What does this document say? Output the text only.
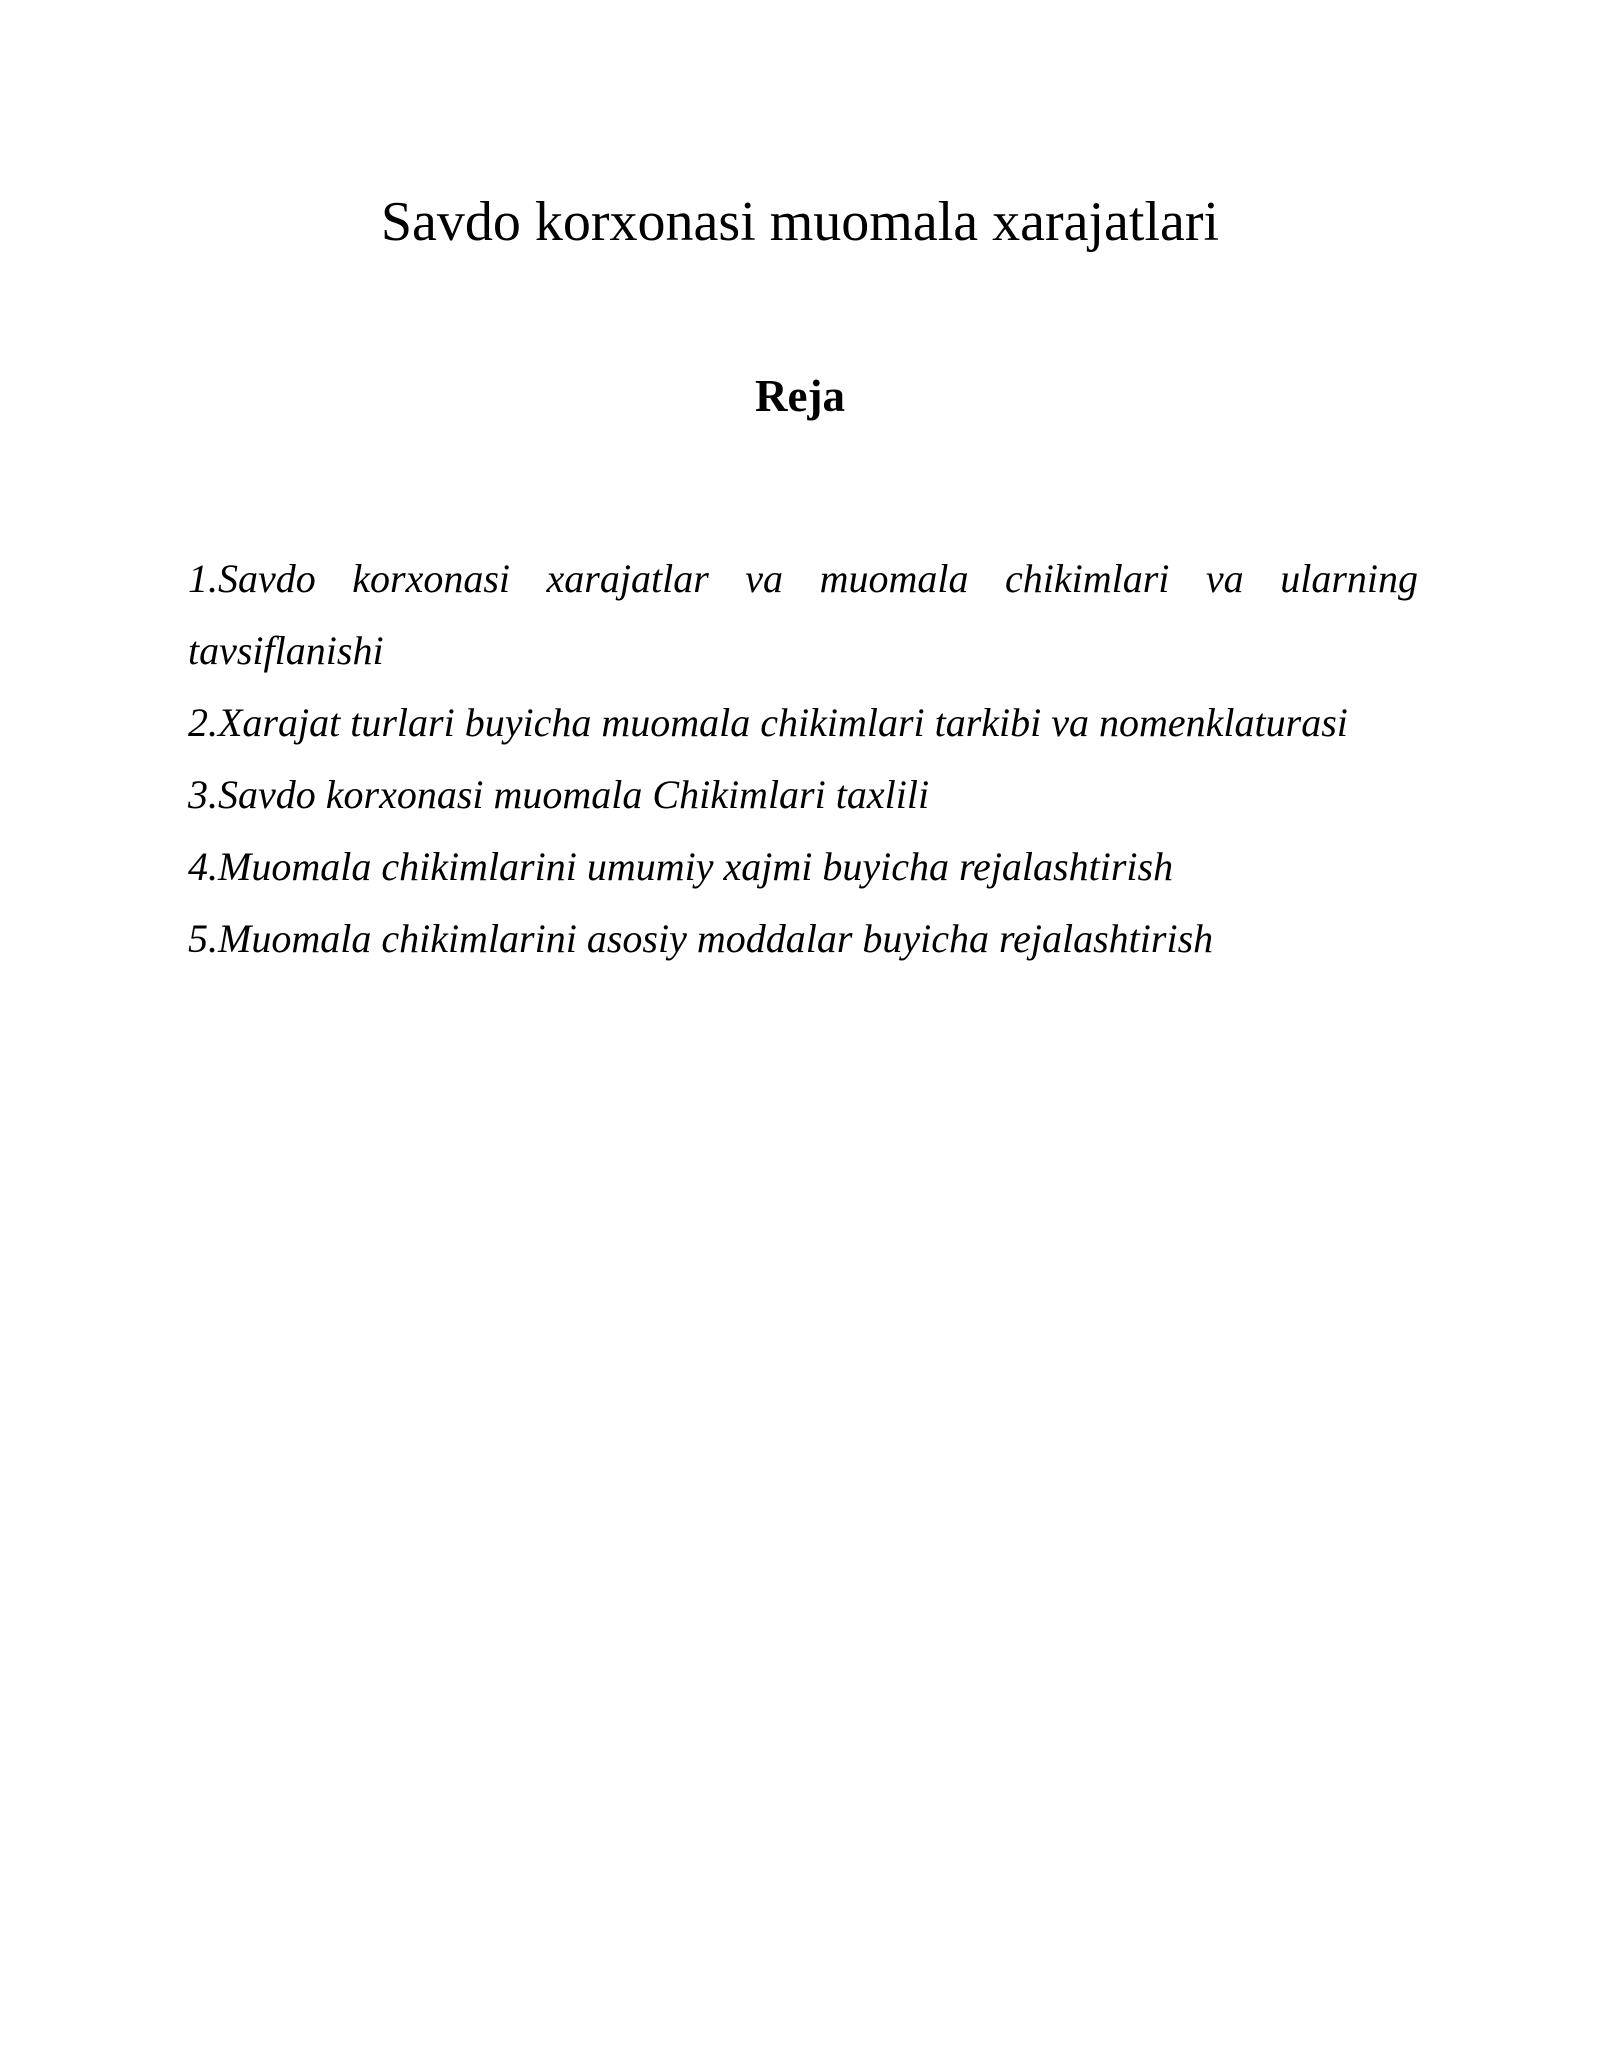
Savdo korxonasi muomala xarajatlari
Reja
1.Savdo korxonasi xarajatlar va muomala chikimlari va ularning
tavsiflanishi
2.Xarajat turlari buyicha muomala chikimlari tarkibi va nomenklaturasi
3.Savdo korxonasi muomala Chikimlari taxlili
4.Muomala chikimlarini umumiy xajmi buyicha rejalashtirish
5.Muomala chikimlarini asosiy moddalar buyicha rejalashtirish
